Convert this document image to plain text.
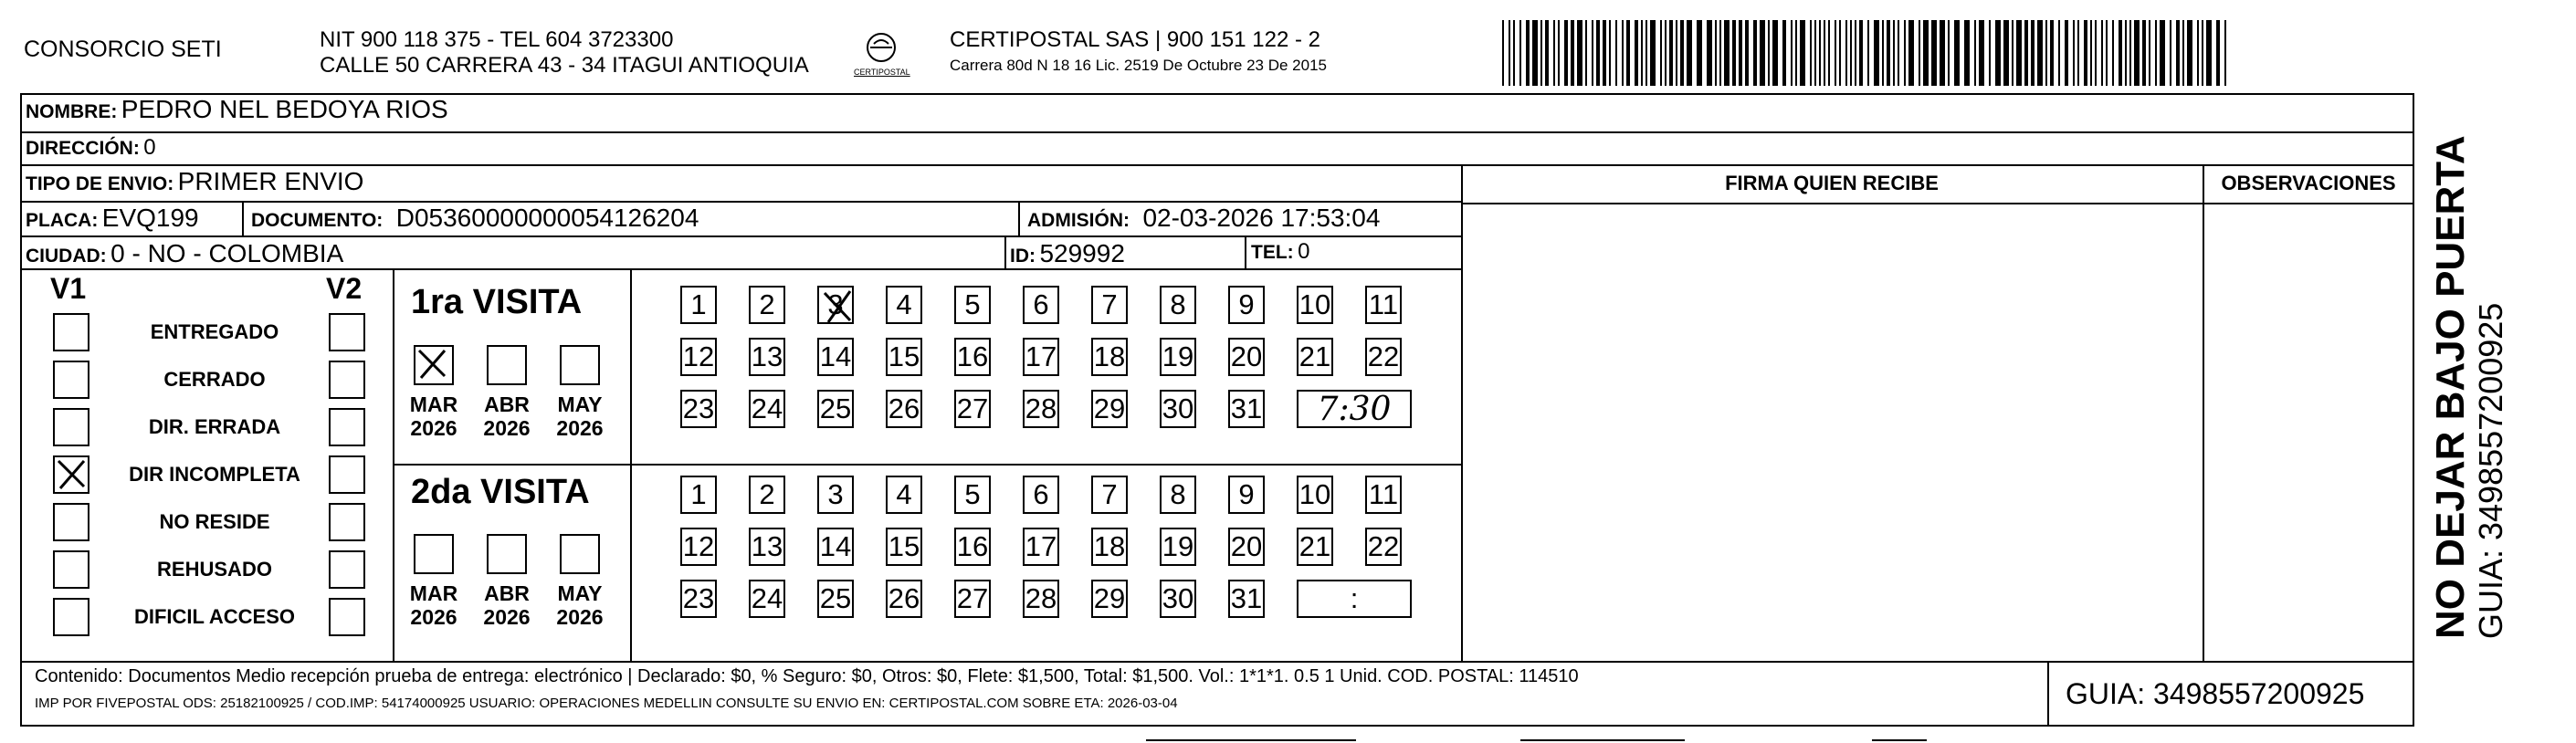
CONSORCIO SETI	NIT 900 118 375 - TEL 604 3723300
CALLE 50 CARRERA 43 - 34 ITAGUI ANTIOQUIA	CERTIPOSTAL
CERTIPOSTAL SAS | 900 151 122 - 2
Carrera 80d N 18 16 Lic. 2519 De Octubre 23 De 2015
NOMBRE: PEDRO NEL BEDOYA RIOS
DIRECCIÓN: 0
TIPO DE ENVIO: PRIMER ENVIO	FIRMA QUIEN RECIBE	OBSERVACIONES
PLACA: EVQ199	DOCUMENTO: D05360000000054126204	ADMISIÓN: 02-03-2026 17:53:04
CIUDAD: 0 - NO - COLOMBIA	ID: 529992	TEL: 0
V1	V2 1ra VISITA
2da VISITA
ENTREGADO
CERRADO
DIR. ERRADA
DIR INCOMPLETA
NO RESIDE
REHUSADO
DIFICIL ACCESO
MAR
2026
ABR
2026
MAY
2026
MAR
2026
ABR
2026
MAY
2026
1	2	3	4	5	6	7	8	9	10 11
12 13 14 15 16 17 18 19 20 21 22
23 24 25 26 27 28 29 30 31	7:30
1	2	3	4	5	6	7	8	9	10 11
12 13 14 15 16 17 18 19 20 21 22
23 24 25 26 27 28 29 30 31	:
Contenido: Documentos Medio recepción prueba de entrega: electrónico | Declarado: $0, % Seguro: $0, Otros: $0, Flete: $1,500, Total: $1,500. Vol.: 1*1*1. 0.5 1 Unid. COD. POSTAL: 114510
IMP POR FIVEPOSTAL ODS: 25182100925 / COD.IMP: 54174000925 USUARIO: OPERACIONES MEDELLIN CONSULTE SU ENVIO EN: CERTIPOSTAL.COM SOBRE ETA: 2026-03-04	GUIA: 3498557200925
NO DEJAR BAJO PUERTA GUIA: 3498557200925
